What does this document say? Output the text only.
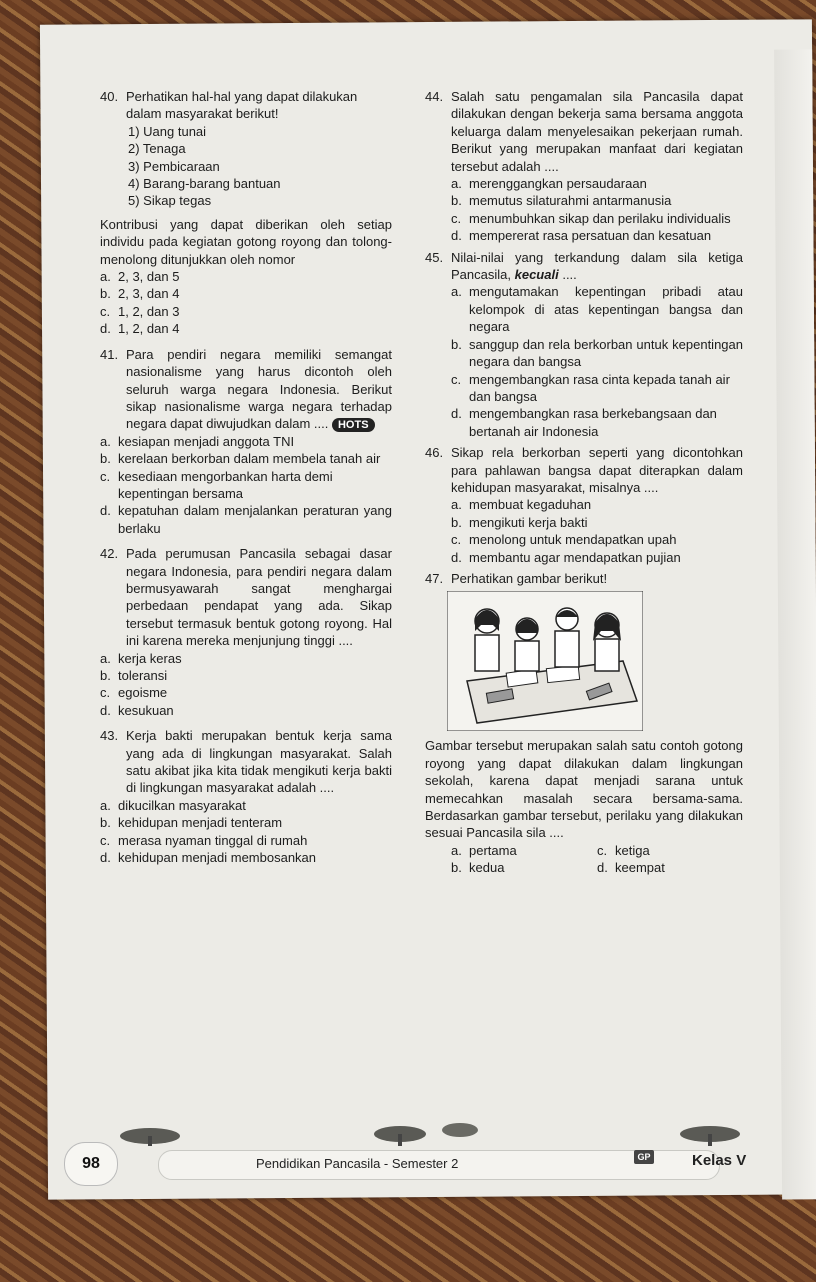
40. Perhatikan hal-hal yang dapat dilakukan dalam masyarakat berikut!

1) Uang tunai
2) Tenaga
3) Pembicaraan
4) Barang-barang bantuan
5) Sikap tegas

Kontribusi yang dapat diberikan oleh setiap individu pada kegiatan gotong royong dan tolong-menolong ditunjukkan oleh nomor

a. 2, 3, dan 5
b. 2, 3, dan 4
c. 1, 2, dan 3
d. 1, 2, dan 4
41. Para pendiri negara memiliki semangat nasionalisme yang harus dicontoh oleh seluruh warga negara Indonesia. Berikut sikap nasionalisme warga negara terhadap negara dapat diwujudkan dalam .... HOTS

a. kesiapan menjadi anggota TNI
b. kerelaan berkorban dalam membela tanah air
c. kesediaan mengorbankan harta demi kepentingan bersama
d. kepatuhan dalam menjalankan peraturan yang berlaku
42. Pada perumusan Pancasila sebagai dasar negara Indonesia, para pendiri negara dalam bermusyawarah sangat menghargai perbedaan pendapat yang ada. Sikap tersebut termasuk bentuk gotong royong. Hal ini karena mereka menjunjung tinggi ....

a. kerja keras
b. toleransi
c. egoisme
d. kesukuan
43. Kerja bakti merupakan bentuk kerja sama yang ada di lingkungan masyarakat. Salah satu akibat jika kita tidak mengikuti kerja bakti di lingkungan masyarakat adalah ....

a. dikucilkan masyarakat
b. kehidupan menjadi tenteram
c. merasa nyaman tinggal di rumah
d. kehidupan menjadi membosankan
44. Salah satu pengamalan sila Pancasila dapat dilakukan dengan bekerja sama bersama anggota keluarga dalam menyelesaikan pekerjaan rumah. Berikut yang merupakan manfaat dari kegiatan tersebut adalah ....

a. merenggangkan persaudaraan
b. memutus silaturahmi antarmanusia
c. menumbuhkan sikap dan perilaku individualis
d. mempererat rasa persatuan dan kesatuan
45. Nilai-nilai yang terkandung dalam sila ketiga Pancasila, kecuali ....

a. mengutamakan kepentingan pribadi atau kelompok di atas kepentingan bangsa dan negara
b. sanggup dan rela berkorban untuk kepentingan negara dan bangsa
c. mengembangkan rasa cinta kepada tanah air dan bangsa
d. mengembangkan rasa berkebangsaan dan bertanah air Indonesia
46. Sikap rela berkorban seperti yang dicontohkan para pahlawan bangsa dapat diterapkan dalam kehidupan masyarakat, misalnya ....

a. membuat kegaduhan
b. mengikuti kerja bakti
c. menolong untuk mendapatkan upah
d. membantu agar mendapatkan pujian
47. Perhatikan gambar berikut!

Gambar tersebut merupakan salah satu contoh gotong royong yang dapat dilakukan dalam lingkungan sekolah, karena dapat menjadi sarana untuk memecahkan masalah secara bersama-sama. Berdasarkan gambar tersebut, perilaku yang dilakukan sesuai Pancasila sila ....

a. pertama	c. ketiga
b. kedua	d. keempat
98	Pendidikan Pancasila - Semester 2	GP	Kelas V
